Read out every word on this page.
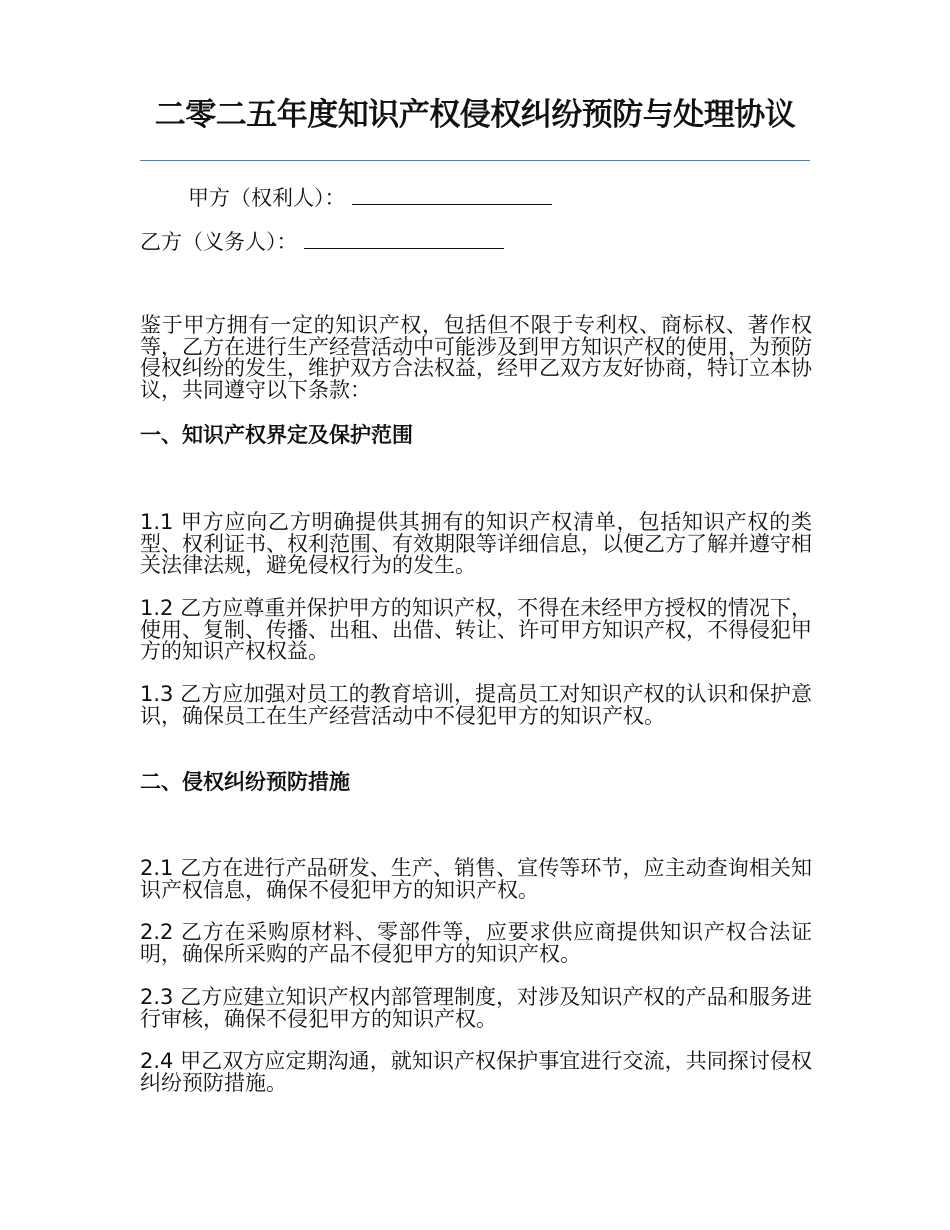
二零二五年度知识产权侵权纠纷预防与处理协议
甲方（权利人）：
乙方（义务人）：

鉴于甲方拥有一定的知识产权，包括但不限于专利权、商标权、著作权等，乙方在进行生产经营活动中可能涉及到甲方知识产权的使用，为预防侵权纠纷的发生，维护双方合法权益，经甲乙双方友好协商，特订立本协议，共同遵守以下条款：

一、知识产权界定及保护范围

1.1 甲方应向乙方明确提供其拥有的知识产权清单，包括知识产权的类型、权利证书、权利范围、有效期限等详细信息，以便乙方了解并遵守相关法律法规，避免侵权行为的发生。

1.2 乙方应尊重并保护甲方的知识产权，不得在未经甲方授权的情况下，使用、复制、传播、出租、出借、转让、许可甲方知识产权，不得侵犯甲方的知识产权权益。

1.3 乙方应加强对员工的教育培训，提高员工对知识产权的认识和保护意识，确保员工在生产经营活动中不侵犯甲方的知识产权。

二、侵权纠纷预防措施

2.1 乙方在进行产品研发、生产、销售、宣传等环节，应主动查询相关知识产权信息，确保不侵犯甲方的知识产权。

2.2 乙方在采购原材料、零部件等，应要求供应商提供知识产权合法证明，确保所采购的产品不侵犯甲方的知识产权。

2.3 乙方应建立知识产权内部管理制度，对涉及知识产权的产品和服务进行审核，确保不侵犯甲方的知识产权。

2.4 甲乙双方应定期沟通，就知识产权保护事宜进行交流，共同探讨侵权纠纷预防措施。
